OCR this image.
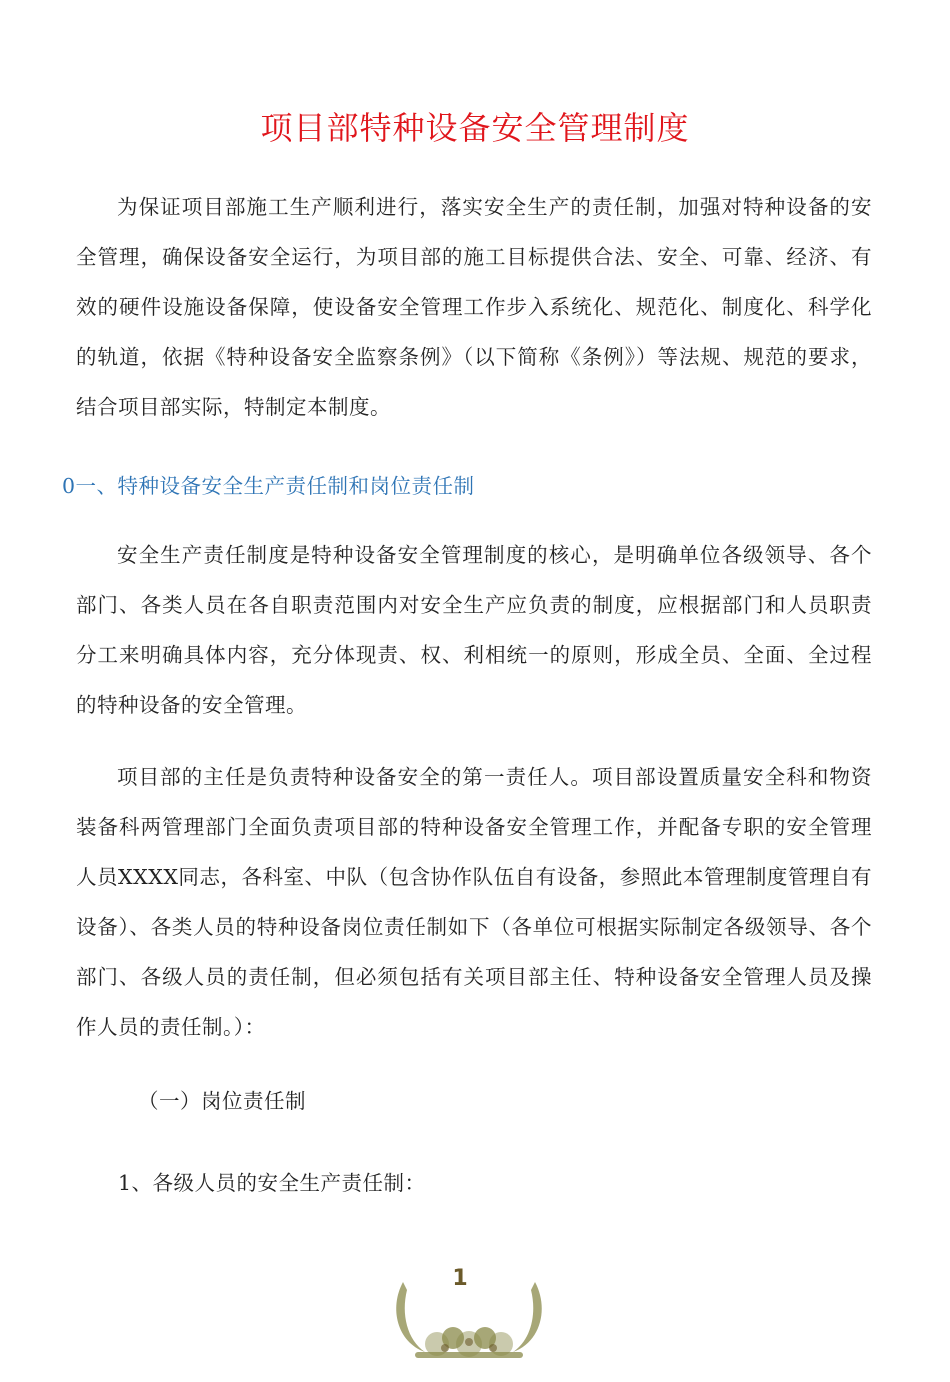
项目部特种设备安全管理制度

为保证项目部施工生产顺利进行，落实安全生产的责任制，加强对特种设备的安全管理，确保设备安全运行，为项目部的施工目标提供合法、安全、可靠、经济、有效的硬件设施设备保障，使设备安全管理工作步入系统化、规范化、制度化、科学化的轨道，依据《特种设备安全监察条例》（以下简称《条例》）等法规、规范的要求，结合项目部实际，特制定本制度。

0一、特种设备安全生产责任制和岗位责任制

安全生产责任制度是特种设备安全管理制度的核心，是明确单位各级领导、各个部门、各类人员在各自职责范围内对安全生产应负责的制度，应根据部门和人员职责分工来明确具体内容，充分体现责、权、利相统一的原则，形成全员、全面、全过程的特种设备的安全管理。

项目部的主任是负责特种设备安全的第一责任人。项目部设置质量安全科和物资装备科两管理部门全面负责项目部的特种设备安全管理工作，并配备专职的安全管理人员XXXX同志，各科室、中队（包含协作队伍自有设备，参照此本管理制度管理自有设备）、各类人员的特种设备岗位责任制如下（各单位可根据实际制定各级领导、各个部门、各级人员的责任制，但必须包括有关项目部主任、特种设备安全管理人员及操作人员的责任制。）：

（一）岗位责任制

1、各级人员的安全生产责任制：

1
